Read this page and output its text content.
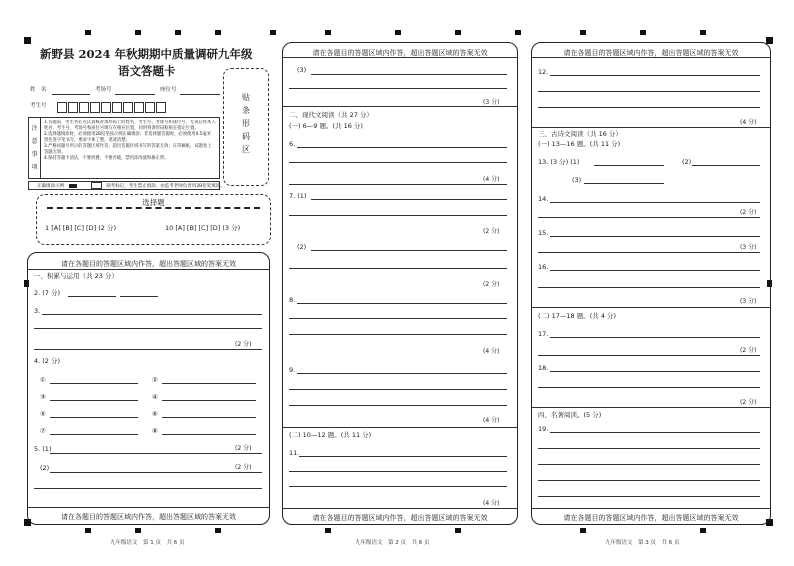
新野县 2024 年秋期期中质量调研九年级
语文答题卡
姓　名	考场号	座位号
考生号
贴
条
形
码
区
注
意
事
项
1.答题前，考生务必先认真核对条形码上的姓名、考生号、考场号和座位号，无误后将本人
姓名、考生号、考场号和座位号填写在相应位置，同时将条形码粘贴在指定位置。
2.选择题填涂时，必须使用2B铅笔按示例正确填涂；非选择题答题时，必须使用0.5毫米
黑色签字笔书写，要求字体工整，笔迹清楚。
3.严格按题号所示的答题区域作答，超出答题区域书写的答案无效；在草稿纸、试题卷上
答题无效。
4.保持答题卡清洁，不要折叠、不要弄破，禁用涂改液和修正带。
正确填涂示例	缺考标记，考生禁止填涂，由监考老师负责用2B铅笔填涂。
选择题
1 [A] [B] [C] [D] (2 分)	10 [A] [B] [C] [D] (3 分)
请在各题目的答题区域内作答，超出答题区域的答案无效
一、积累与运用（共 23 分）
2. (7 分)
3.
(2 分)
4. (2 分)
①	②
③	④
⑤	⑥
⑦	⑧
5. (1)	(2 分)
(2)	(2 分)
请在各题目的答题区域内作答，超出答题区域的答案无效
请在各题目的答题区域内作答，超出答题区域的答案无效
(3)
(3 分)
二、现代文阅读（共 27 分）
(一) 6—9 题。(共 16 分)
6.
(4 分)
7. (1)
(2 分)
(2)
(2 分)
8.
(4 分)
9.
(4 分)
(二) 10—12 题。(共 11 分)
11.
(4 分)
请在各题目的答题区域内作答，超出答题区域的答案无效
请在各题目的答题区域内作答，超出答题区域的答案无效
12.
(4 分)
三、古诗文阅读（共 16 分）
(一) 13—16 题。(共 11 分)
13. (3 分) (1)	(2)
(3)
14.
(2 分)
15.
(3 分)
16.
(3 分)
(二) 17—18 题。(共 4 分)
17.
(2 分)
18.
(2 分)
四、名著阅读。(5 分)
19.
请在各题目的答题区域内作答，超出答题区域的答案无效
九年级语文　第 1 页　共 6 页	九年级语文　第 2 页　共 6 页	九年级语文　第 3 页　共 6 页
